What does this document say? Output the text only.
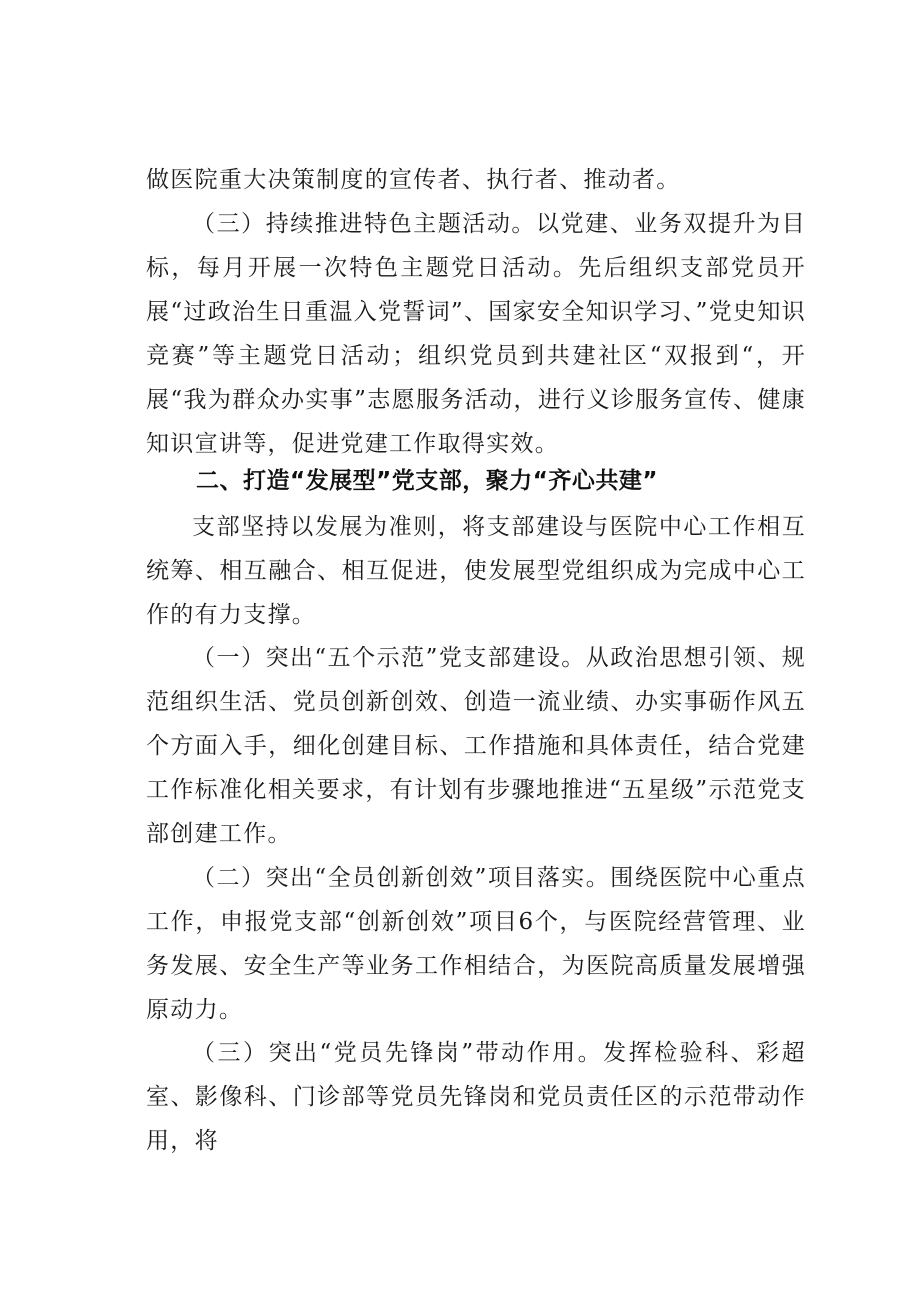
做医院重大决策制度的宣传者、执行者、推动者。

（三）持续推进特色主题活动。以党建、业务双提升为目标，每月开展一次特色主题党日活动。先后组织支部党员开展“过政治生日重温入党誓词”、国家安全知识学习、”党史知识竞赛”等主题党日活动；组织党员到共建社区“双报到“，开展“我为群众办实事”志愿服务活动，进行义诊服务宣传、健康知识宣讲等，促进党建工作取得实效。

二、打造“发展型”党支部，聚力“齐心共建”

支部坚持以发展为准则，将支部建设与医院中心工作相互统筹、相互融合、相互促进，使发展型党组织成为完成中心工作的有力支撑。

（一）突出“五个示范”党支部建设。从政治思想引领、规范组织生活、党员创新创效、创造一流业绩、办实事砺作风五个方面入手，细化创建目标、工作措施和具体责任，结合党建工作标准化相关要求，有计划有步骤地推进“五星级”示范党支部创建工作。

（二）突出“全员创新创效”项目落实。围绕医院中心重点工作，申报党支部“创新创效”项目6个，与医院经营管理、业务发展、安全生产等业务工作相结合，为医院高质量发展增强原动力。

（三）突出“党员先锋岗”带动作用。发挥检验科、彩超室、影像科、门诊部等党员先锋岗和党员责任区的示范带动作用，将
